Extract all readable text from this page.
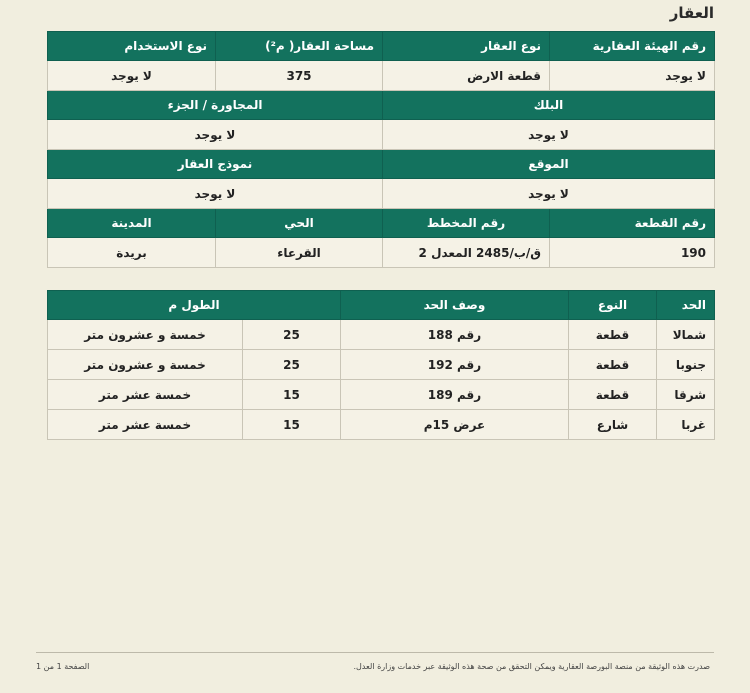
العقار
رقم الهيئة العقارية	نوع العقار	مساحة العقار( م²)	نوع الاستخدام
لا يوجد	قطعة الارض	375	لا يوجد
البلك		المجاورة / الجزء	
لا يوجد		لا يوجد	
الموقع		نموذج العقار	
لا يوجد		لا يوجد	
رقم القطعة	رقم المخطط	الحي	المدينة
190	ق/ب/2485 المعدل 2	القرعاء	بريدة
الحد	النوع	وصف الحد	الطول م	
شمالا	قطعة	رقم 188	25	خمسة و عشرون متر
جنوبا	قطعة	رقم 192	25	خمسة و عشرون متر
شرقا	قطعة	رقم 189	15	خمسة عشر متر
غربا	شارع	عرض 15م	15	خمسة عشر متر
صدرت هذه الوثيقة من منصة البورصة العقارية ويمكن التحقق من صحة هذه الوثيقة عبر خدمات وزارة العدل.
الصفحة 1 من 1
